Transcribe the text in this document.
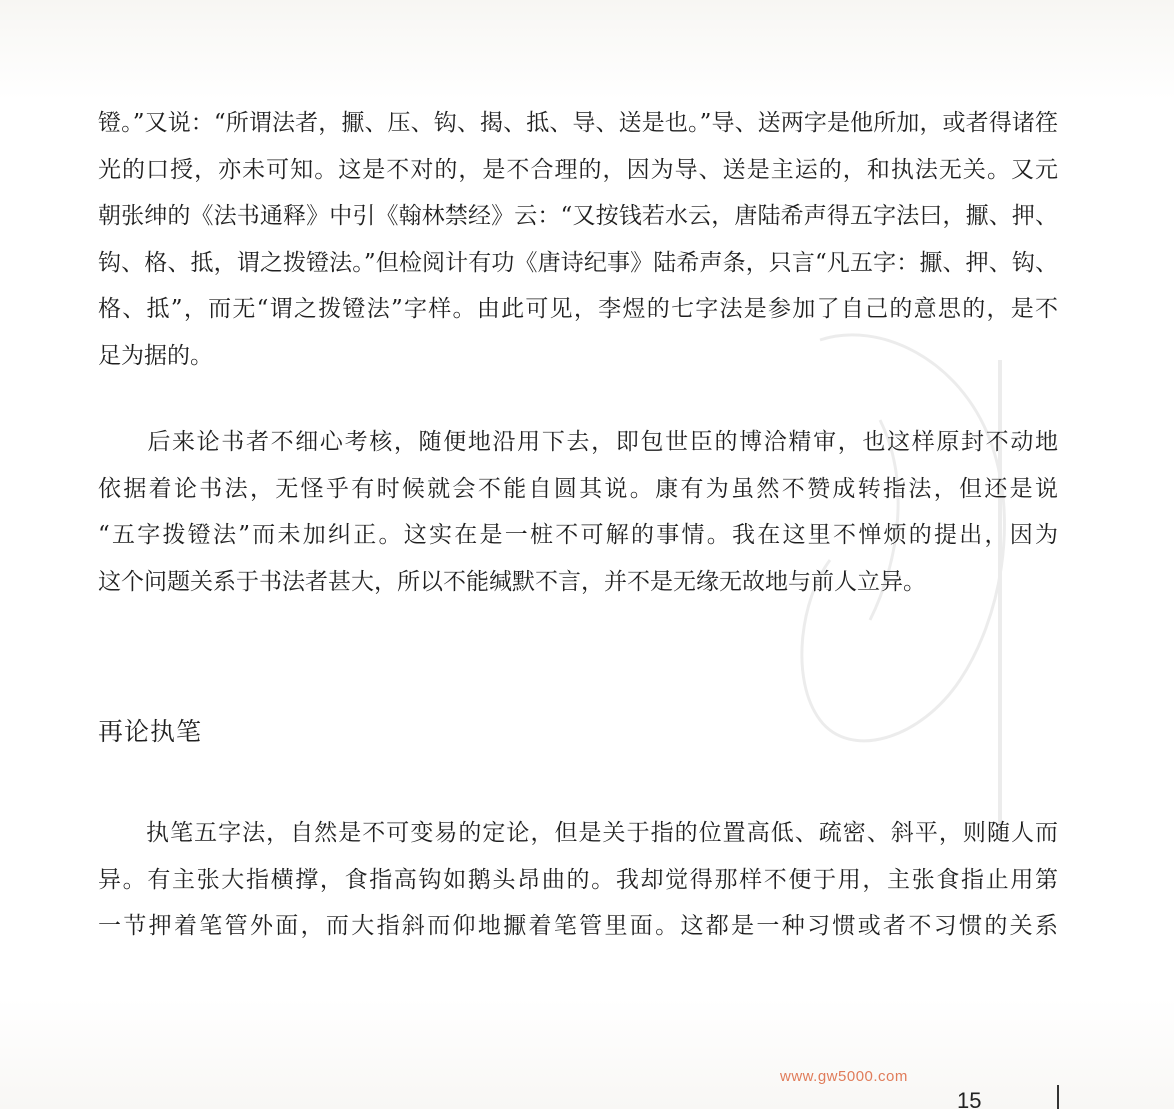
镫。”又说：“所谓法者，擫、压、钩、揭、抵、导、送是也。”导、送两字是他所加，或者得诸䇮
光的口授，亦未可知。这是不对的，是不合理的，因为导、送是主运的，和执法无关。又元
朝张绅的《法书通释》中引《翰林禁经》云：“又按钱若水云，唐陆希声得五字法曰，擫、押、
钩、格、抵，谓之拨镫法。”但检阅计有功《唐诗纪事》陆希声条，只言“凡五字：擫、押、钩、
格、抵”，而无“谓之拨镫法”字样。由此可见，李煜的七字法是参加了自己的意思的，是不
足为据的。
　　后来论书者不细心考核，随便地沿用下去，即包世臣的博洽精审，也这样原封不动地
依据着论书法，无怪乎有时候就会不能自圆其说。康有为虽然不赞成转指法，但还是说
“五字拨镫法”而未加纠正。这实在是一桩不可解的事情。我在这里不惮烦的提出，因为
这个问题关系于书法者甚大，所以不能缄默不言，并不是无缘无故地与前人立异。
再论执笔
　　执笔五字法，自然是不可变易的定论，但是关于指的位置高低、疏密、斜平，则随人而
异。有主张大指横撑，食指高钩如鹅头昂曲的。我却觉得那样不便于用，主张食指止用第
一节押着笔管外面，而大指斜而仰地擫着笔管里面。这都是一种习惯或者不习惯的关系
www.gw5000.com
15
